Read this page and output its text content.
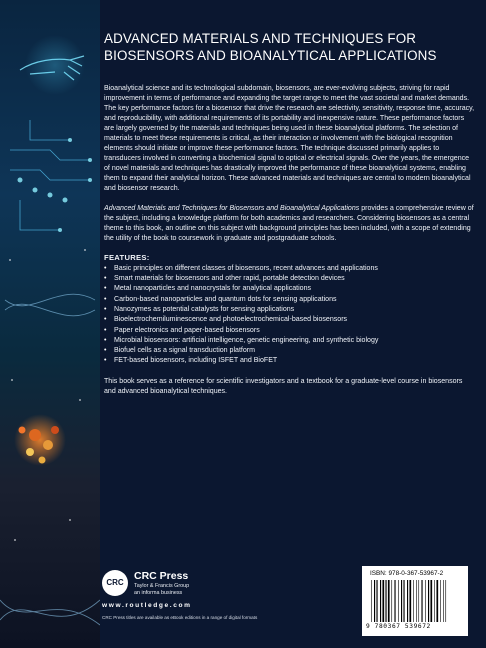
ADVANCED MATERIALS AND TECHNIQUES FOR
BIOSENSORS AND BIOANALYTICAL APPLICATIONS

Bioanalytical science and its technological subdomain, biosensors, are ever-evolving subjects, striving for rapid improvement in terms of performance and expanding the target range to meet the vast societal and market demands. The key performance factors for a biosensor that drive the research are selectivity, sensitivity, response time, accuracy, and reproducibility, with additional requirements of its portability and inexpensive nature. These performance factors are largely governed by the materials and techniques being used in these bioanalytical platforms. The selection of materials to meet these requirements is critical, as their interaction or involvement with the biological recognition elements should initiate or improve these performance factors. The technique discussed primarily applies to transducers involved in converting a biochemical signal to optical or electrical signals. Over the years, the emergence of novel materials and techniques has drastically improved the performance of these bioanalytical systems, enabling them to expand their analytical horizon. These advanced materials and techniques are central to modern bioanalytical and biosensor research.

Advanced Materials and Techniques for Biosensors and Bioanalytical Applications provides a comprehensive review of the subject, including a knowledge platform for both academics and researchers. Considering biosensors as a central theme to this book, an outline on this subject with background principles has been included, with a scope of extending the utility of the book to coursework in graduate and postgraduate schools.

FEATURES:
• Basic principles on different classes of biosensors, recent advances and applications
• Smart materials for biosensors and other rapid, portable detection devices
• Metal nanoparticles and nanocrystals for analytical applications
• Carbon-based nanoparticles and quantum dots for sensing applications
• Nanozymes as potential catalysts for sensing applications
• Bioelectrochemiluminescence and photoelectrochemical-based biosensors
• Paper electronics and paper-based biosensors
• Microbial biosensors: artificial intelligence, genetic engineering, and synthetic biology
• Biofuel cells as a signal transduction platform
• FET-based biosensors, including ISFET and BioFET

This book serves as a reference for scientific investigators and a textbook for a graduate-level course in biosensors and advanced bioanalytical techniques.

CRC
CRC Press
Taylor & Francis Group
an informa business
www.routledge.com
CRC Press titles are available as eBook editions in a range of digital formats
ISBN: 978-0-367-53967-2
9 780367 539672
